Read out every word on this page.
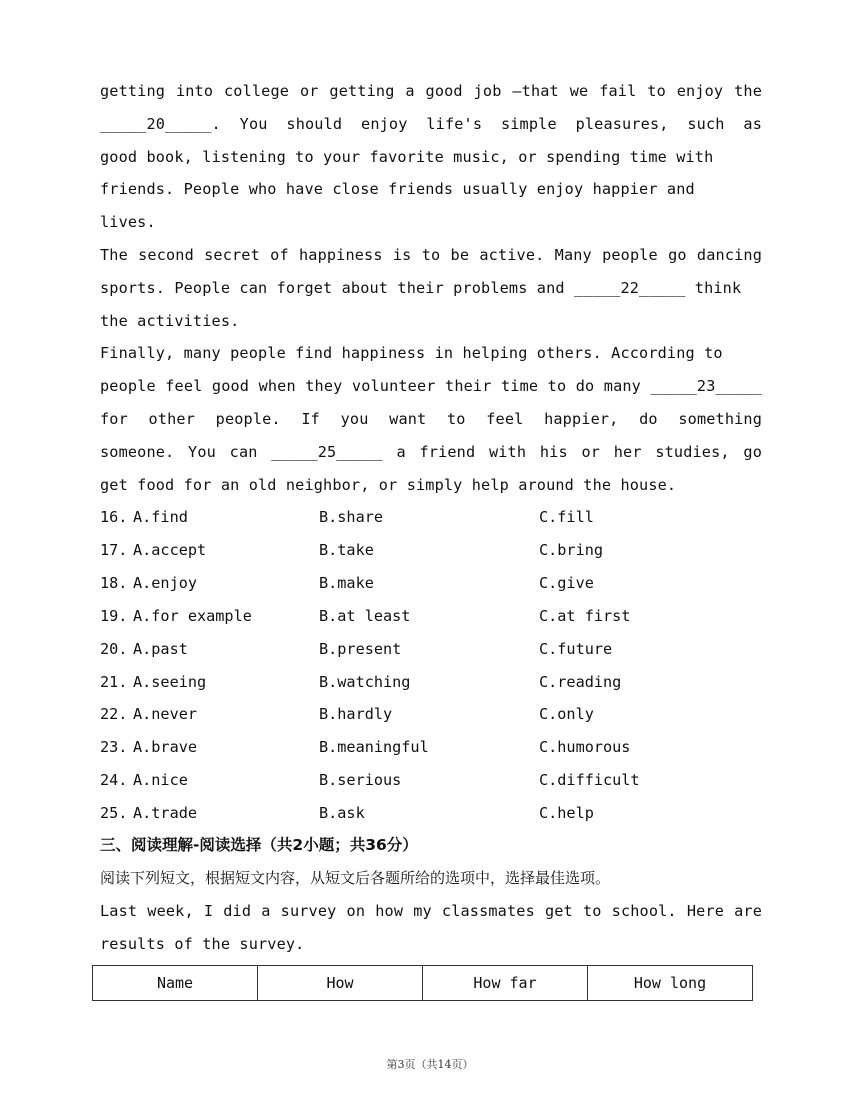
getting into college or getting a good job —that we fail to enjoy the
_____20_____. You should enjoy life's simple pleasures, such as
good book, listening to your favorite music, or spending time with
friends. People who have close friends usually enjoy happier and
lives.
The second secret of happiness is to be active. Many people go dancing
sports. People can forget about their problems and _____22_____ think
the activities.
Finally, many people find happiness in helping others. According to
people feel good when they volunteer their time to do many _____23_____
for other people. If you want to feel happier, do something
someone. You can _____25_____ a friend with his or her studies, go
get food for an old neighbor, or simply help around the house.
16. A.find	B.share	C.fill
17. A.accept	B.take	C.bring
18. A.enjoy	B.make	C.give
19. A.for example	B.at least	C.at first
20. A.past	B.present	C.future
21. A.seeing	B.watching	C.reading
22. A.never	B.hardly	C.only
23. A.brave	B.meaningful	C.humorous
24. A.nice	B.serious	C.difficult
25. A.trade	B.ask	C.help
三、阅读理解-阅读选择（共2小题；共36分）
阅读下列短文，根据短文内容，从短文后各题所给的选项中，选择最佳选项。
Last week, I did a survey on how my classmates get to school. Here are
results of the survey.
Name	How	How far	How long
第3页（共14页）
